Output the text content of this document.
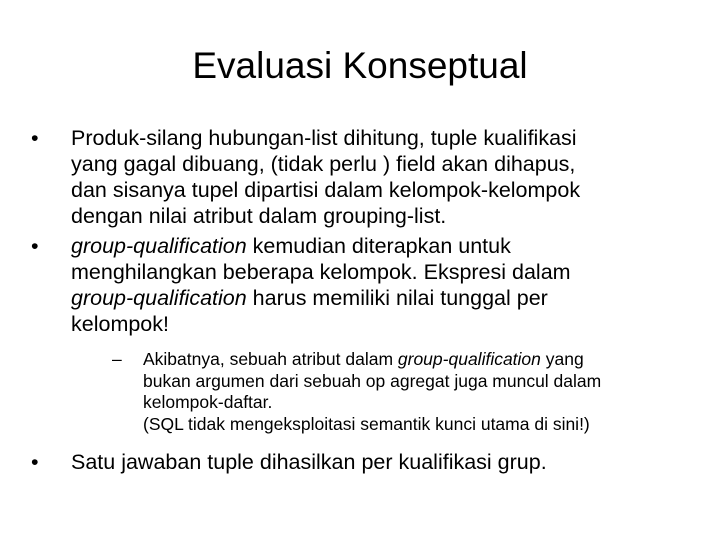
Evaluasi Konseptual
•	Produk-silang hubungan-list dihitung, tuple kualifikasi
yang gagal dibuang, (tidak perlu ) field akan dihapus,
dan sisanya tupel dipartisi dalam kelompok-kelompok
dengan nilai atribut dalam grouping-list.
•	group-qualification kemudian diterapkan untuk
menghilangkan beberapa kelompok. Ekspresi dalam
group-qualification harus memiliki nilai tunggal per
kelompok!
– Akibatnya, sebuah atribut dalam group-qualification yang
bukan argumen dari sebuah op agregat juga muncul dalam
kelompok-daftar.
(SQL tidak mengeksploitasi semantik kunci utama di sini!)
•	Satu jawaban tuple dihasilkan per kualifikasi grup.
